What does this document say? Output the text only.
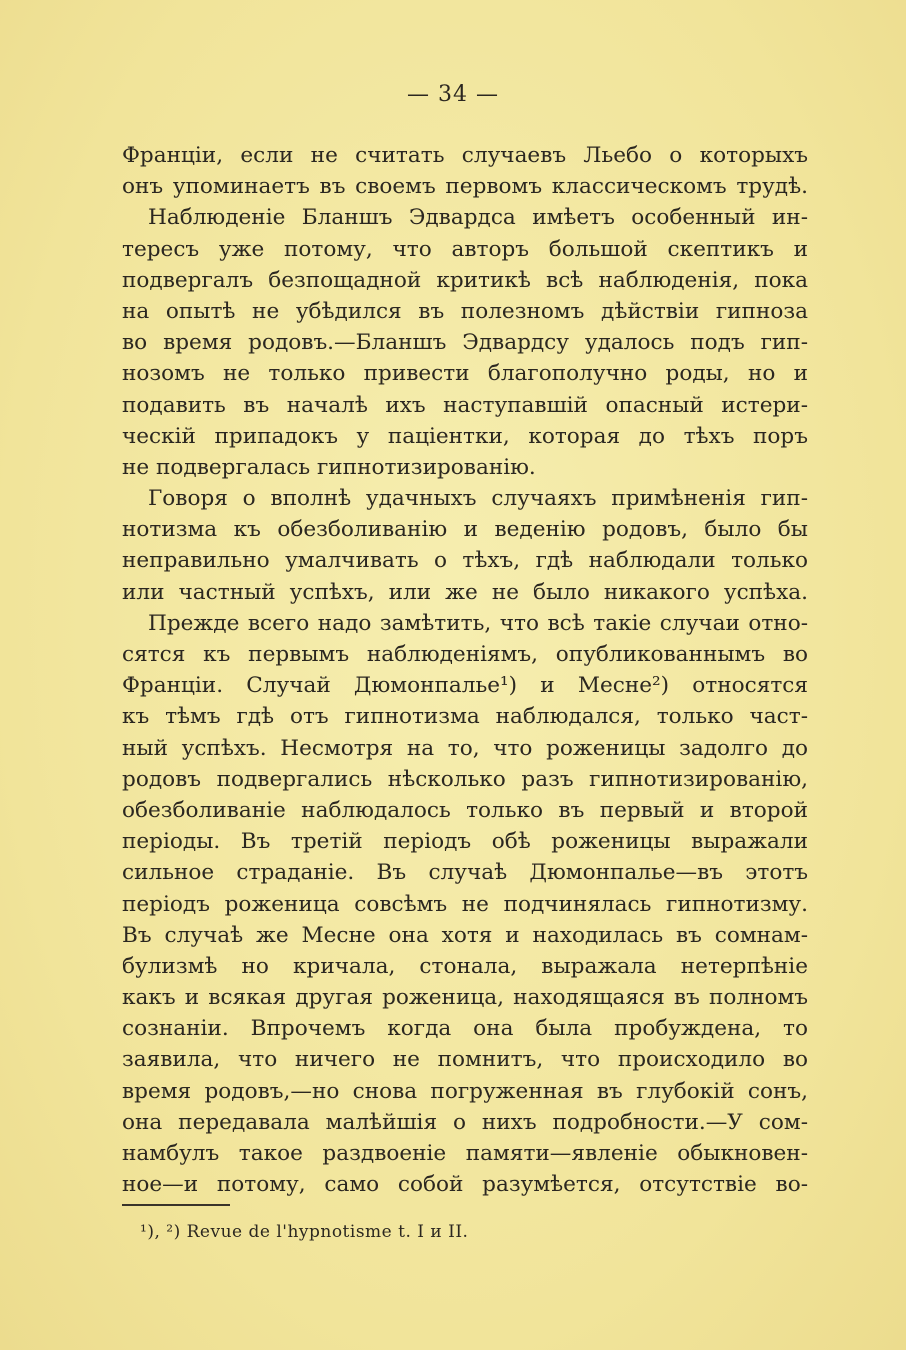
— 34 —
Франціи, если не считать случаевъ Льебо о которыхъ
онъ упоминаетъ въ своемъ первомъ классическомъ трудѣ.
Наблюденіе Бланшъ Эдвардса имѣетъ особенный ин-
тересъ уже потому, что авторъ большой скептикъ и
подвергалъ безпощадной критикѣ всѣ наблюденія, пока
на опытѣ не убѣдился въ полезномъ дѣйствіи гипноза
во время родовъ.—Бланшъ Эдвардсу удалось подъ гип-
нозомъ не только привести благополучно роды, но и
подавить въ началѣ ихъ наступавшій опасный истери-
ческій припадокъ у паціентки, которая до тѣхъ поръ
не подвергалась гипнотизированію.
Говоря о вполнѣ удачныхъ случаяхъ примѣненія гип-
нотизма къ обезболиванію и веденію родовъ, было бы
неправильно умалчивать о тѣхъ, гдѣ наблюдали только
или частный успѣхъ, или же не было никакого успѣха.
Прежде всего надо замѣтить, что всѣ такіе случаи отно-
сятся къ первымъ наблюденіямъ, опубликованнымъ во
Франціи. Случай Дюмонпалье¹) и Месне²) относятся
къ тѣмъ гдѣ отъ гипнотизма наблюдался, только част-
ный успѣхъ. Несмотря на то, что роженицы задолго до
родовъ подвергались нѣсколько разъ гипнотизированію,
обезболиваніе наблюдалось только въ первый и второй
періоды. Въ третій періодъ обѣ роженицы выражали
сильное страданіе. Въ случаѣ Дюмонпалье—въ этотъ
періодъ роженица совсѣмъ не подчинялась гипнотизму.
Въ случаѣ же Месне она хотя и находилась въ сомнам-
булизмѣ но кричала, стонала, выражала нетерпѣніе
какъ и всякая другая роженица, находящаяся въ полномъ
сознаніи. Впрочемъ когда она была пробуждена, то
заявила, что ничего не помнитъ, что происходило во
время родовъ,—но снова погруженная въ глубокій сонъ,
она передавала малѣйшія о нихъ подробности.—У сом-
намбулъ такое раздвоеніе памяти—явленіе обыкновен-
ное—и потому, само собой разумѣется, отсутствіе во-
¹), ²) Revue de l'hypnotisme t. I и II.
